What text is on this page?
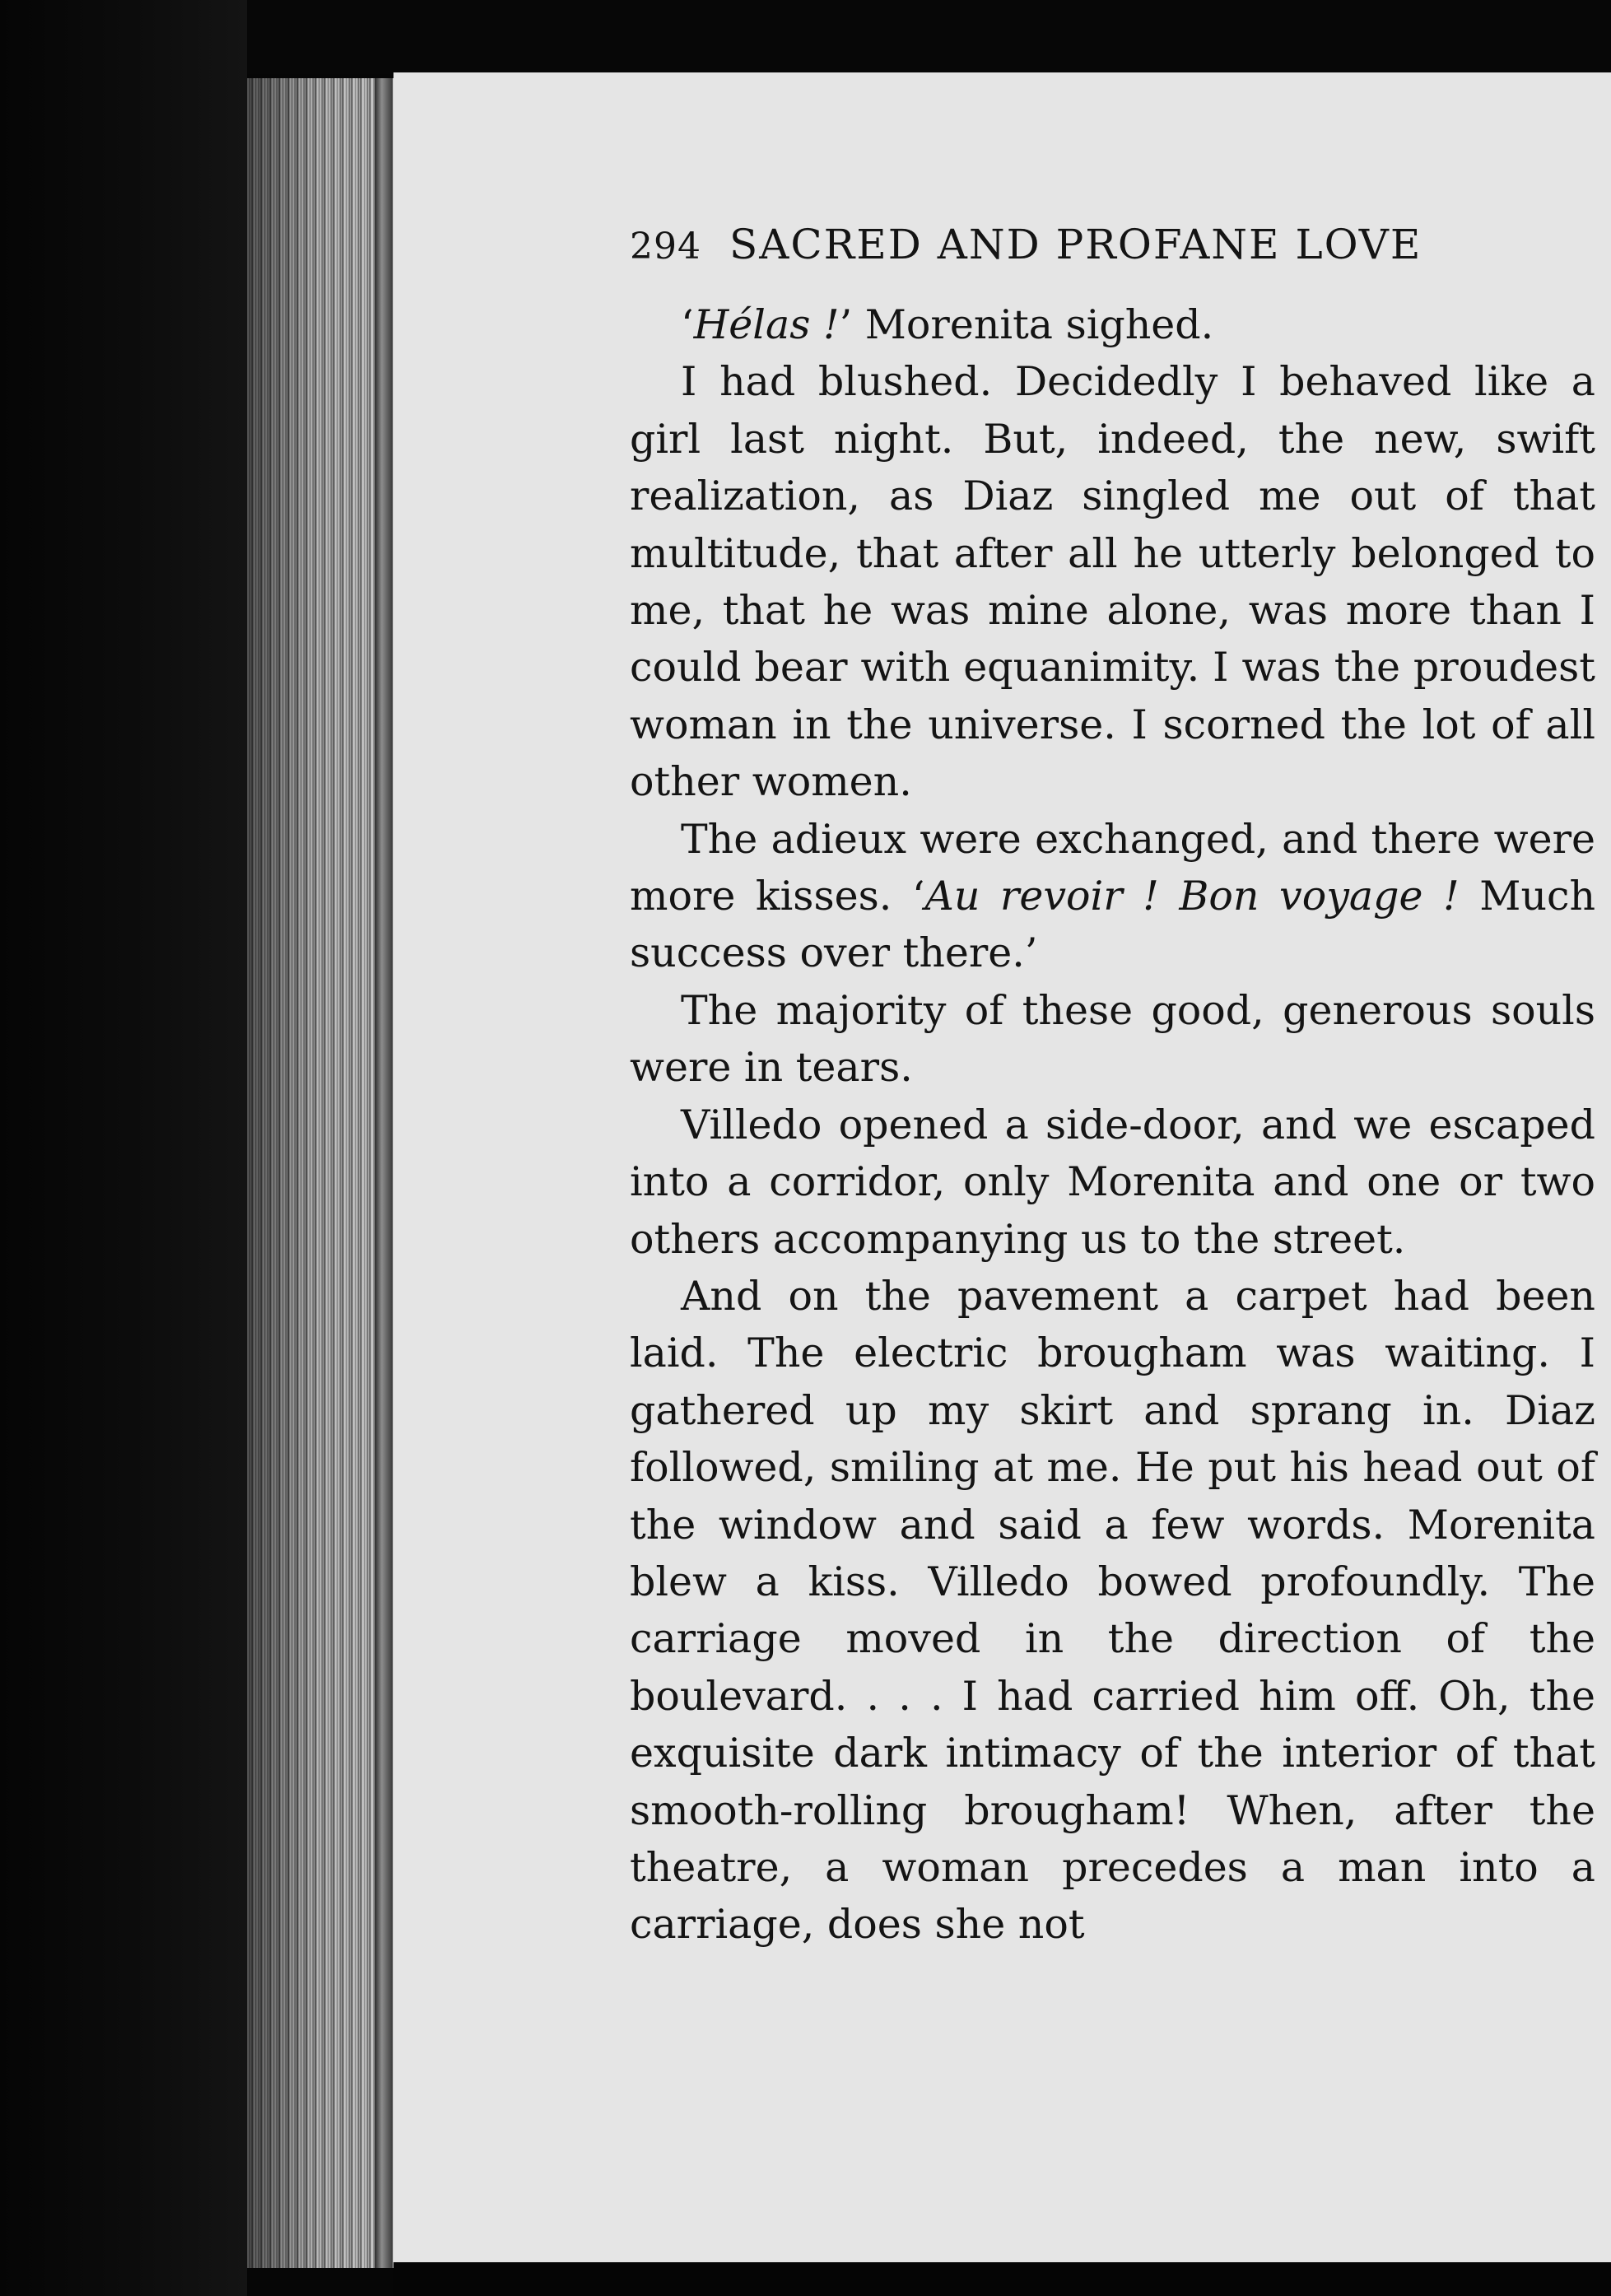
294 SACRED AND PROFANE LOVE

‘Hélas !’ Morenita sighed.

I had blushed. Decidedly I behaved like a girl last night. But, indeed, the new, swift realization, as Diaz singled me out of that multitude, that after all he utterly belonged to me, that he was mine alone, was more than I could bear with equanimity. I was the proudest woman in the universe. I scorned the lot of all other women.

The adieux were exchanged, and there were more kisses. ‘Au revoir ! Bon voyage ! Much success over there.’

The majority of these good, generous souls were in tears.

Villedo opened a side-door, and we escaped into a corridor, only Morenita and one or two others accompanying us to the street.

And on the pavement a carpet had been laid. The electric brougham was waiting. I gathered up my skirt and sprang in. Diaz followed, smiling at me. He put his head out of the window and said a few words. Morenita blew a kiss. Villedo bowed profoundly. The carriage moved in the direction of the boulevard. . . . I had carried him off. Oh, the exquisite dark intimacy of the interior of that smooth-rolling brougham! When, after the theatre, a woman precedes a man into a carriage, does she not
